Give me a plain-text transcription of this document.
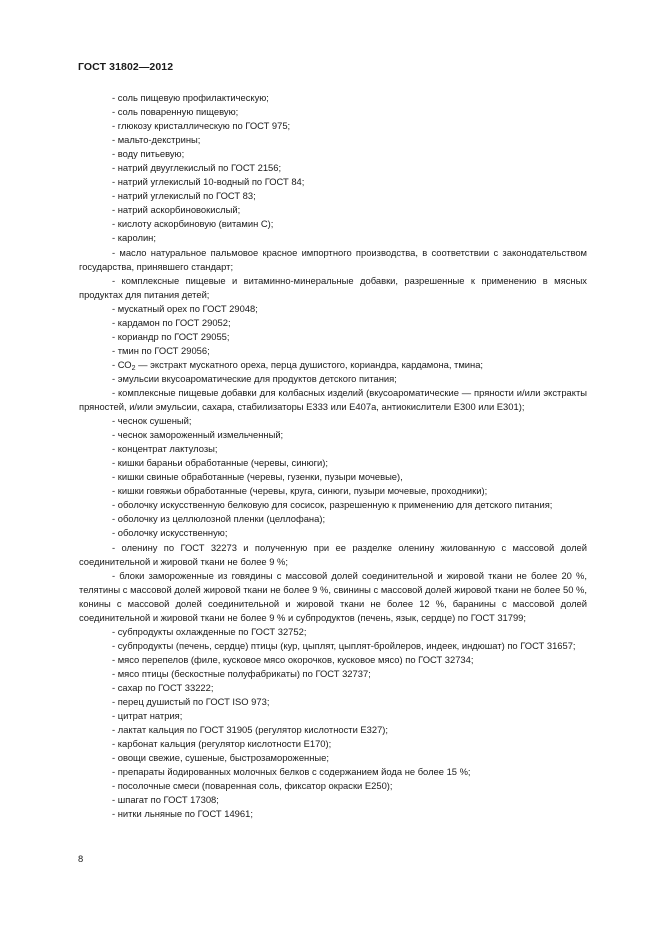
ГОСТ 31802—2012

- соль пищевую профилактическую;

- соль поваренную пищевую;

- глюкозу кристаллическую по ГОСТ 975;

- мальто-декстрины;

- воду питьевую;

- натрий двууглекислый по ГОСТ 2156;

- натрий углекислый 10-водный по ГОСТ 84;

- натрий углекислый по ГОСТ 83;

- натрий аскорбиновокислый;

- кислоту аскорбиновую (витамин С);

- каролин;

- масло натуральное пальмовое красное импортного производства, в соответствии с законодательством государства, принявшего стандарт;

- комплексные пищевые и витаминно-минеральные добавки, разрешенные к применению в мясных продуктах для питания детей;

- мускатный орех по ГОСТ 29048;

- кардамон по ГОСТ 29052;

- кориандр по ГОСТ 29055;

- тмин по ГОСТ 29056;

- $СО_2$ — экстракт мускатного ореха, перца душистого, кориандра, кардамона, тмина;

- эмульсии вкусоароматические для продуктов детского питания;

- комплексные пищевые добавки для колбасных изделий (вкусоароматические — пряности и/или экстракты пряностей, и/или эмульсии, сахара, стабилизаторы Е333 или Е407а, антиокислители Е300 или Е301);

- чеснок сушеный;

- чеснок замороженный измельченный;

- концентрат лактулозы;

- кишки бараньи обработанные (черевы, синюги);

- кишки свиные обработанные (черевы, гузенки, пузыри мочевые),

- кишки говяжьи обработанные (черевы, круга, синюги, пузыри мочевые, проходники);

- оболочку искусственную белковую для сосисок, разрешенную к применению для детского питания;

- оболочку из целлюлозной пленки (целлофана);

- оболочку искусственную;

- оленину по ГОСТ 32273 и полученную при ее разделке оленину жилованную с массовой долей соединительной и жировой ткани не более 9 %;

- блоки замороженные из говядины с массовой долей соединительной и жировой ткани не более 20 %, телятины с массовой долей жировой ткани не более 9 %, свинины с массовой долей жировой ткани не более 50 %, конины с массовой долей соединительной и жировой ткани не более 12 %, баранины с массовой долей соединительной и жировой ткани не более 9 % и субпродуктов (печень, язык, сердце) по ГОСТ 31799;

- субпродукты охлажденные по ГОСТ 32752;

- субпродукты (печень, сердце) птицы (кур, цыплят, цыплят-бройлеров, индеек, индюшат) по ГОСТ 31657;

- мясо перепелов (филе, кусковое мясо окорочков, кусковое мясо) по ГОСТ 32734;

- мясо птицы (бескостные полуфабрикаты) по ГОСТ 32737;

- сахар по ГОСТ 33222;

- перец душистый по ГОСТ ISO 973;

- цитрат натрия;

- лактат кальция по ГОСТ 31905 (регулятор кислотности Е327);

- карбонат кальция (регулятор кислотности Е170);

- овощи свежие, сушеные, быстрозамороженные;

- препараты йодированных молочных белков с содержанием йода не более 15 %;

- посолочные смеси (поваренная соль, фиксатор окраски Е250);

- шпагат по ГОСТ 17308;

- нитки льняные по ГОСТ 14961;

8
